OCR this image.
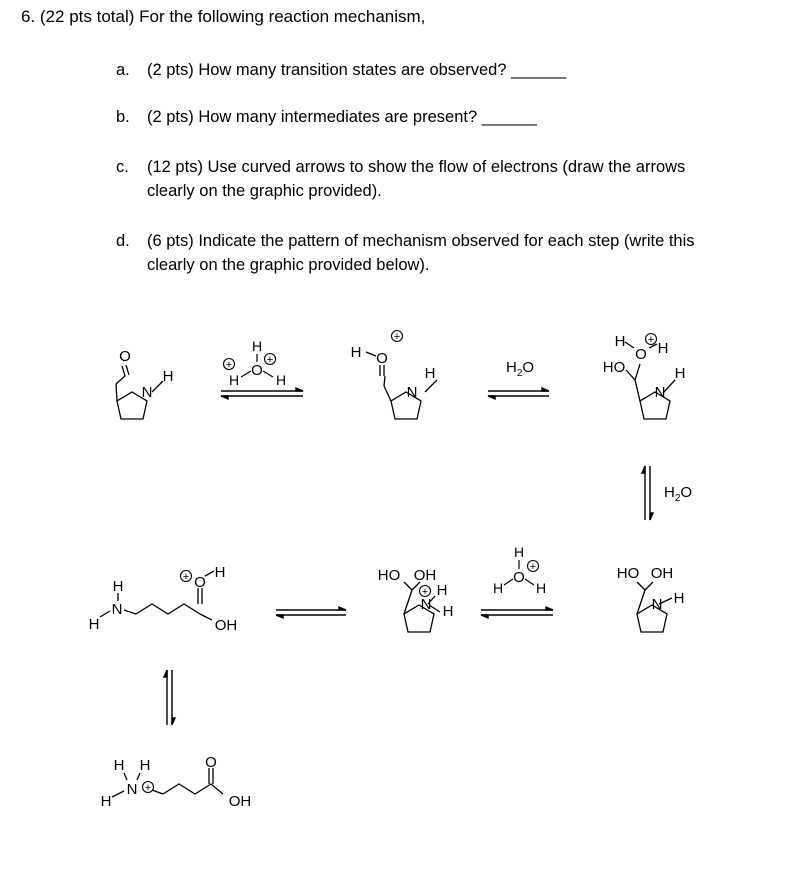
6. (22 pts total) For the following reaction mechanism,
a. (2 pts) How many transition states are observed? ______
b. (2 pts) How many intermediates are present? ______
c. (12 pts) Use curved arrows to show the flow of electrons (draw the arrows
clearly on the graphic provided).
d. (6 pts) Indicate the pattern of mechanism observed for each step (write this
clearly on the graphic provided below).
O
N
H
+
H
O
+
H	H
H O
+
N
H	$H_2O$
H
O
+ H
HO
N
H
$H_2O$
HO OH
N H
H
O
+
H H
HO OH
+ H
N H
H
N
H
+ O
H
OH
H H
N +
H
O
OH
